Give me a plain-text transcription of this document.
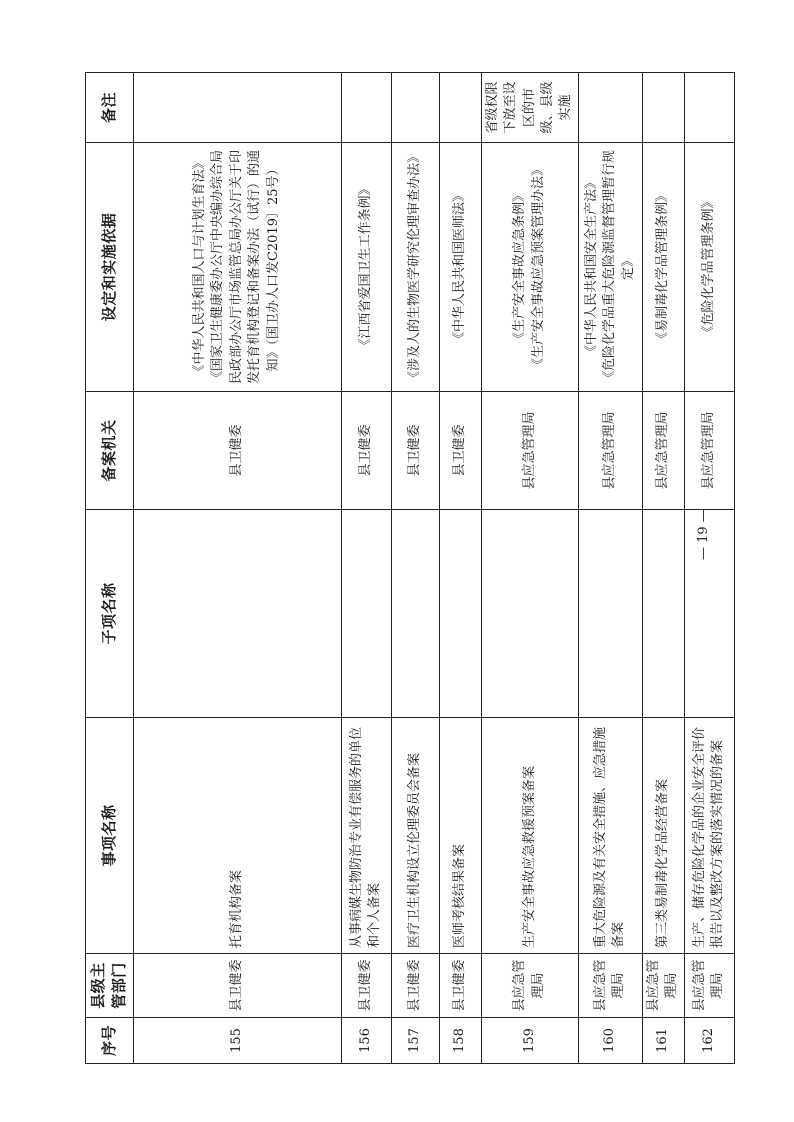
序号	县级主管部门	事项名称	子项名称	备案机关	设定和实施依据	备注
155	县卫健委	托育机构备案		县卫健委	《中华人民共和国人口与计划生育法》
《国家卫生健康委办公厅中央编办综合局民政部办公厅市场监管总局办公厅关于印发托育机构登记和备案办法（试行）的通知》（国卫办人口发C2019〕25号）	
156	县卫健委	从事病媒生物防治专业有偿服务的单位和个人备案		县卫健委	《江西省爱国卫生工作条例》	
157	县卫健委	医疗卫生机构设立伦理委员会备案		县卫健委	《涉及人的生物医学研究伦理审查办法》	
158	县卫健委	医师考核结果备案		县卫健委	《中华人民共和国医师法》	
159	县应急管理局	生产安全事故应急救援预案备案		县应急管理局	《生产安全事故应急条例》
《生产安全事故应急预案管理办法》	省级权限下放至设区的市级、县级实施
160	县应急管理局	重大危险源及有关安全措施、应急措施备案		县应急管理局	《中华人民共和国安全生产法》
《危险化学品重大危险源监督管理暂行规定》	
161	县应急管理局	第三类易制毒化学品经营备案		县应急管理局	《易制毒化学品管理条例》	
162	县应急管理局	生产、储存危险化学品的企业安全评价报告以及整改方案的落实情况的备案		县应急管理局	《危险化学品管理条例》	
— 19 —
